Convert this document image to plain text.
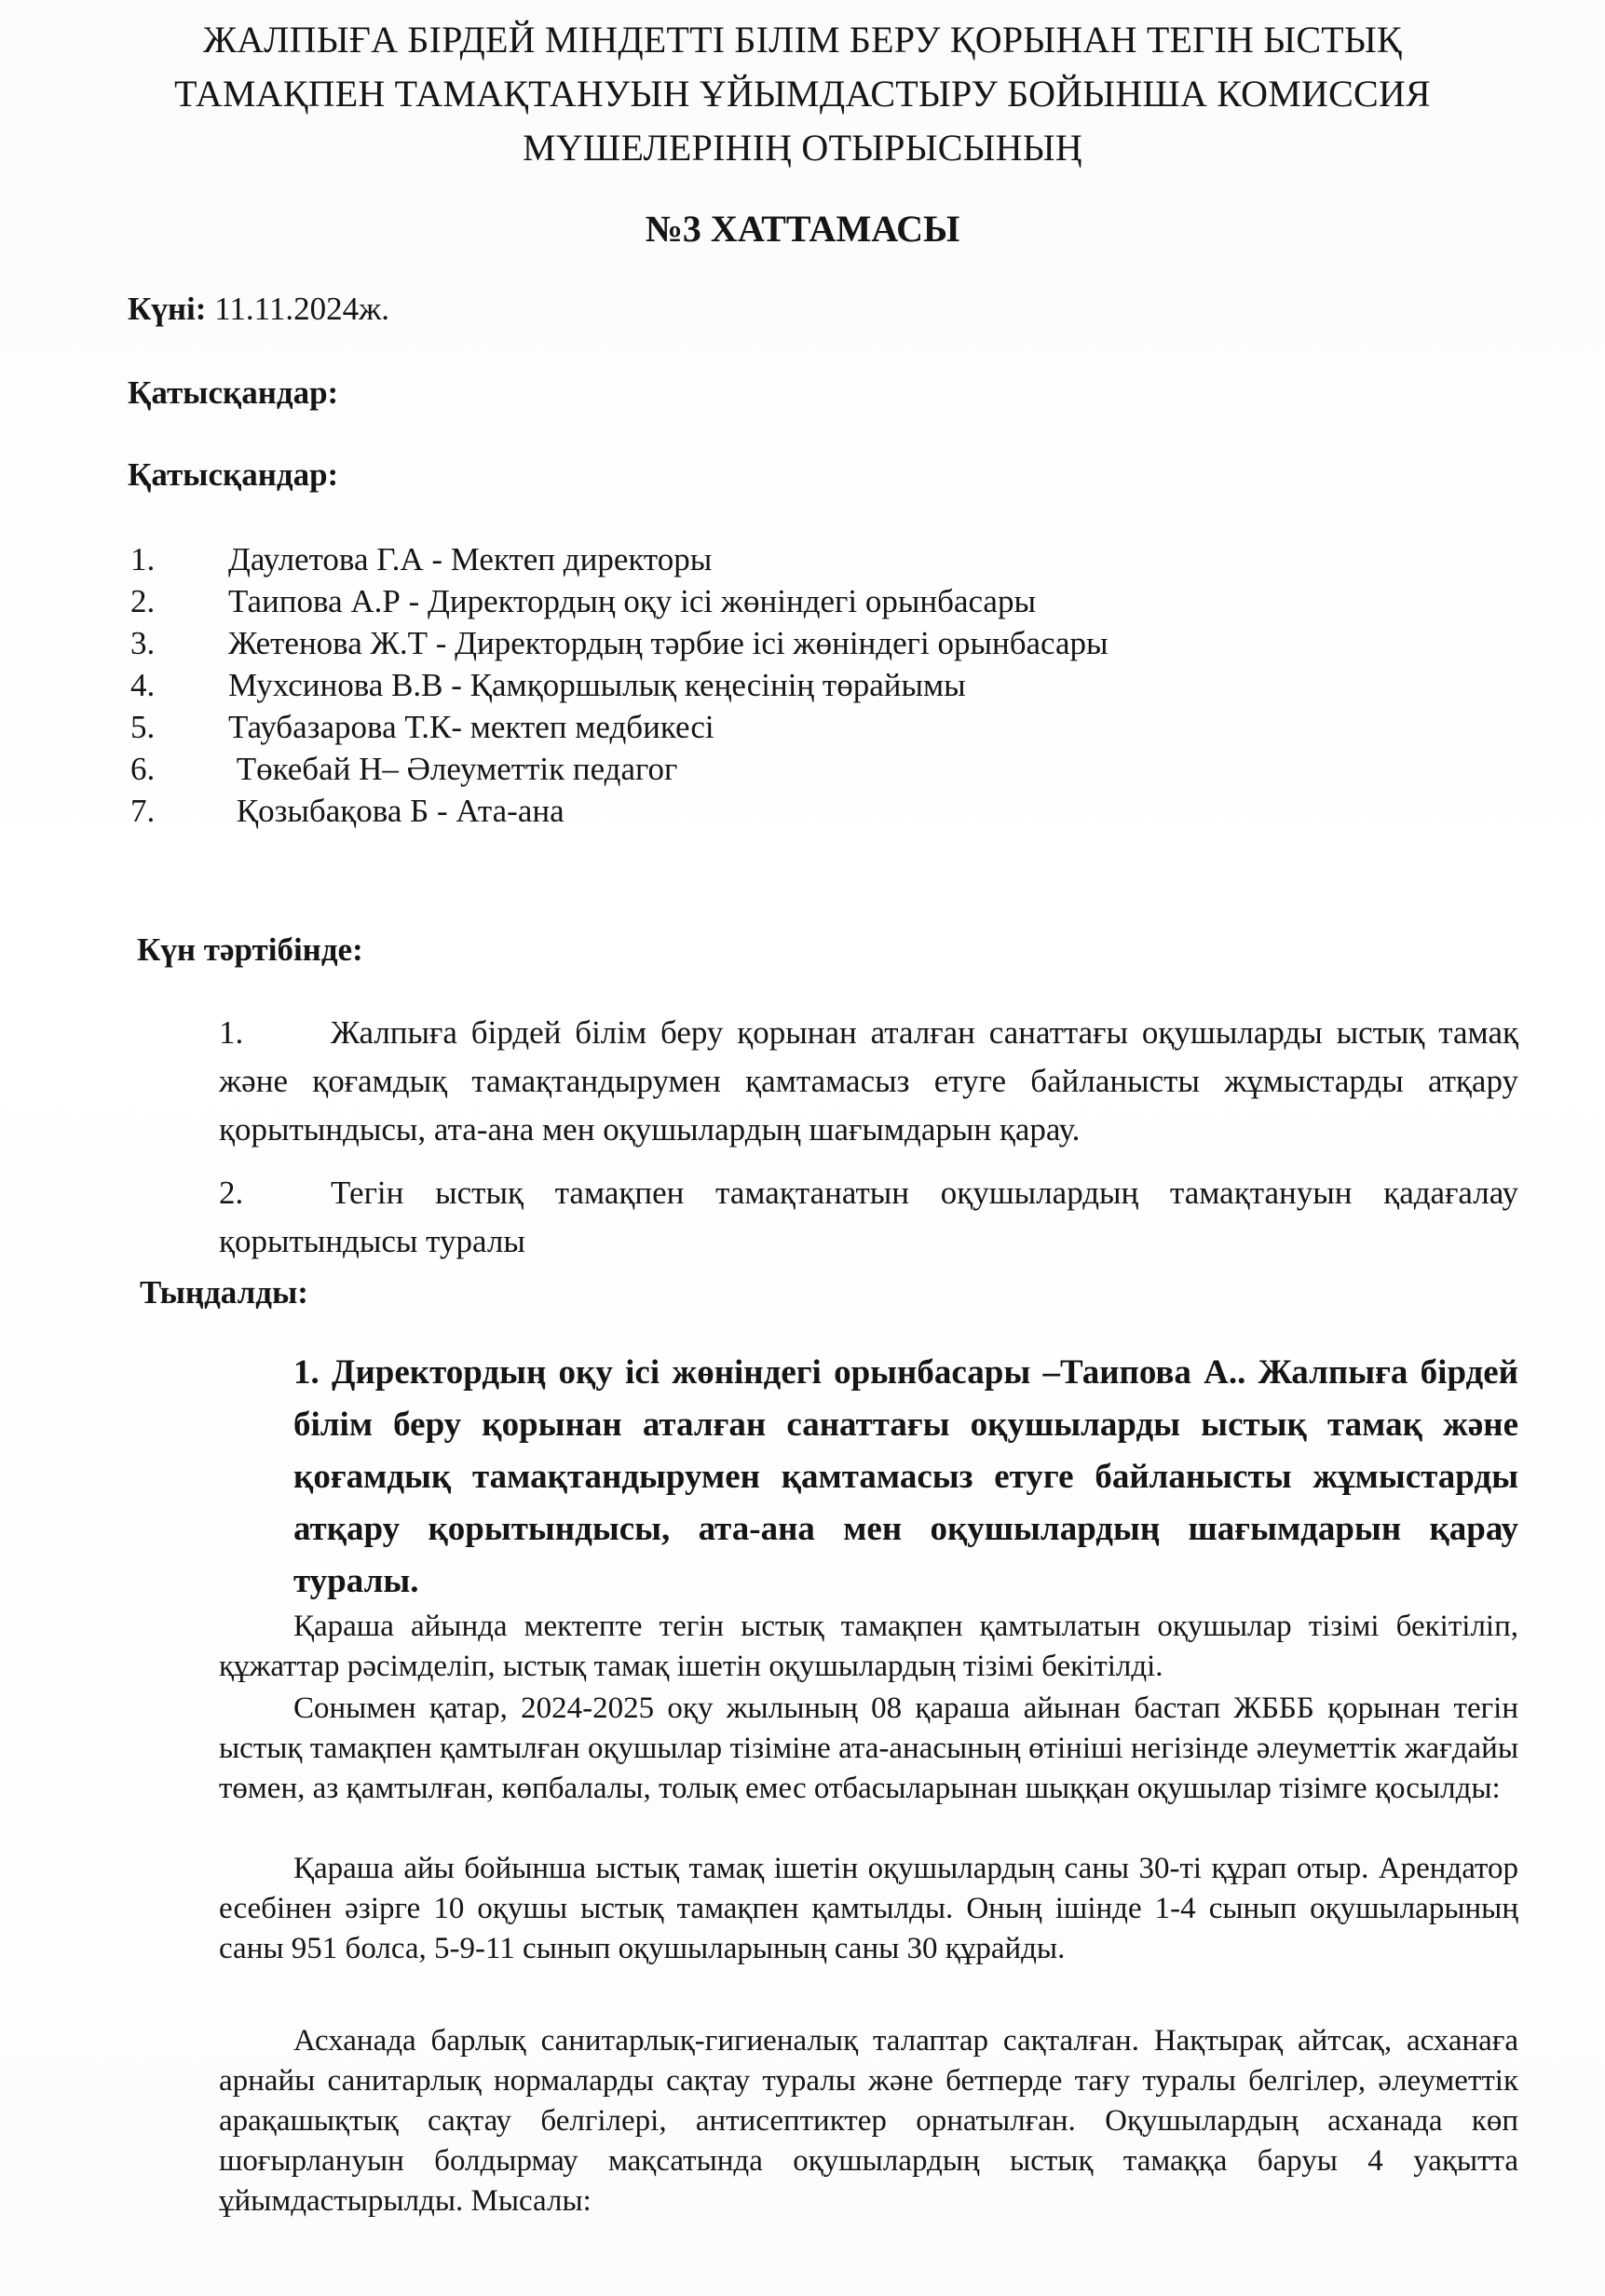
ЖАЛПЫҒА БІРДЕЙ МІНДЕТТІ БІЛІМ БЕРУ ҚОРЫНАН ТЕГІН ЫСТЫҚ
ТАМАҚПЕН ТАМАҚТАНУЫН ҰЙЫМДАСТЫРУ БОЙЫНША КОМИССИЯ
МҮШЕЛЕРІНІҢ ОТЫРЫСЫНЫҢ
№3 ХАТТАМАСЫ
Күні: 11.11.2024ж.
Қатысқандар:
Қатысқандар:
1.	Даулетова Г.А - Мектеп директоры
2.	Таипова А.Р - Директордың оқу ісі жөніндегі орынбасары
3.	Жетенова Ж.Т - Директордың тәрбие ісі жөніндегі орынбасары
4.	Мухсинова В.В - Қамқоршылық кеңесінің төрайымы
5.	Таубазарова Т.К- мектеп медбикесі
6.	Төкебай Н– Әлеуметтік педагог
7.	Қозыбақова Б - Ата-ана
Күн тәртібінде:

1.	Жалпыға бірдей білім беру қорынан аталған санаттағы оқушыларды ыстық тамақ және қоғамдық тамақтандырумен қамтамасыз етуге байланысты жұмыстарды атқару қорытындысы, ата-ана мен оқушылардың шағымдарын қарау.

2.	Тегін ыстық тамақпен тамақтанатын оқушылардың тамақтануын қадағалау қорытындысы туралы

Тыңдалды:

1. Директордың оқу ісі жөніндегі орынбасары –Таипова А.. Жалпыға бірдей білім беру қорынан аталған санаттағы оқушыларды ыстық тамақ және қоғамдық тамақтандырумен қамтамасыз етуге байланысты жұмыстарды атқару қорытындысы, ата-ана мен оқушылардың шағымдарын қарау туралы.

Қараша айында мектепте тегін ыстық тамақпен қамтылатын оқушылар тізімі бекітіліп, құжаттар рәсімделіп, ыстық тамақ ішетін оқушылардың тізімі бекітілді.

Сонымен қатар, 2024-2025 оқу жылының 08 қараша айынан бастап ЖБББ қорынан тегін ыстық тамақпен қамтылған оқушылар тізіміне ата-анасының өтініші негізінде әлеуметтік жағдайы төмен, аз қамтылған, көпбалалы, толық емес отбасыларынан шыққан оқушылар тізімге қосылды:

Қараша айы бойынша ыстық тамақ ішетін оқушылардың саны 30-ті құрап отыр. Арендатор есебінен әзірге 10 оқушы ыстық тамақпен қамтылды. Оның ішінде 1-4 сынып оқушыларының саны 951 болса, 5-9-11 сынып оқушыларының саны 30 құрайды.

Асханада барлық санитарлық-гигиеналық талаптар сақталған. Нақтырақ айтсақ, асханаға арнайы санитарлық нормаларды сақтау туралы және бетперде тағу туралы белгілер, әлеуметтік арақашықтық сақтау белгілері, антисептиктер орнатылған. Оқушылардың асханада көп шоғырлануын болдырмау мақсатында оқушылардың ыстық тамаққа баруы 4 уақытта ұйымдастырылды. Мысалы:
